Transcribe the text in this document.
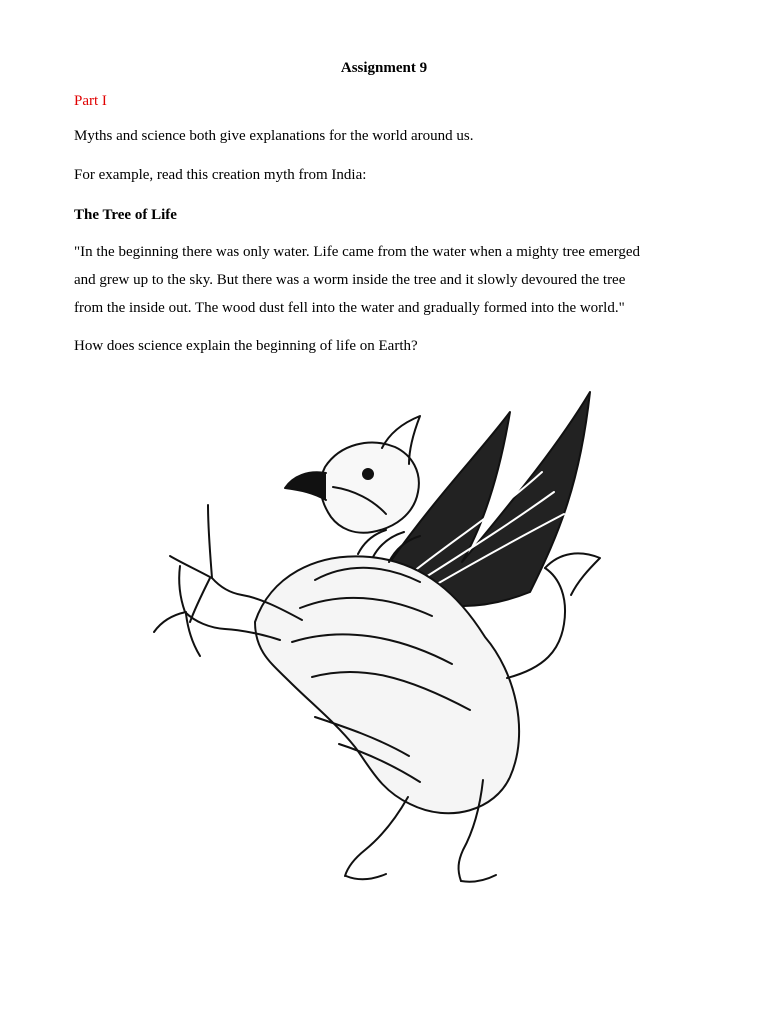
Assignment 9
Part I
Myths and science both give explanations for the world around us.
For example, read this creation myth from India:
The Tree of Life
"In the beginning there was only water. Life came from the water when a mighty tree emerged
and grew up to the sky. But there was a worm inside the tree and it slowly devoured the tree
from the inside out. The wood dust fell into the water and gradually formed into the world."
How does science explain the beginning of life on Earth?
